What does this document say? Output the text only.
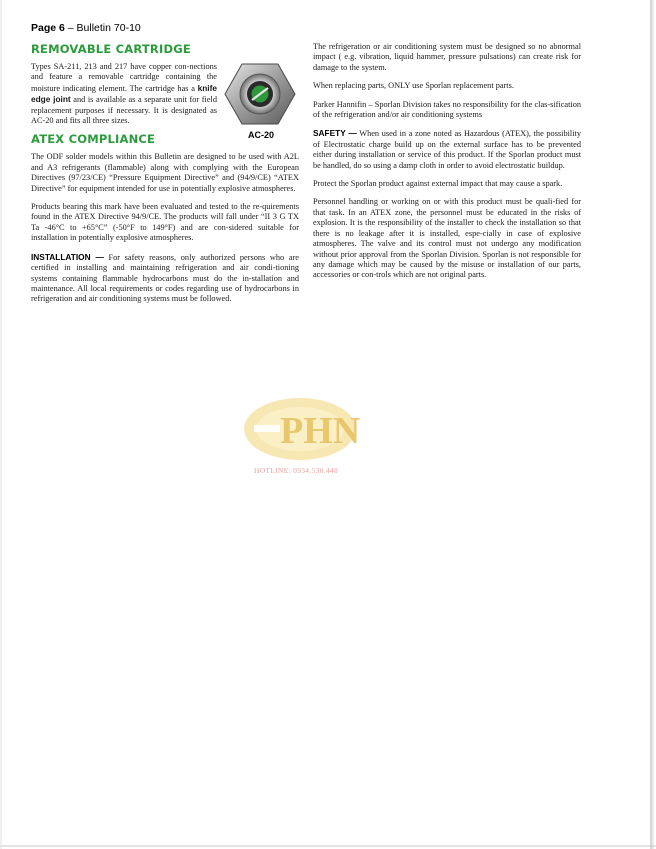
Page 6 – Bulletin 70-10
REMOVABLE CARTRIDGE

Types SA-211, 213 and 217 have copper con-nections and feature a removable cartridge containing the moisture indicating element. The cartridge has a knife edge joint and is available as a separate unit for field replacement purposes if necessary. It is designated as AC-20 and fits all three sizes.

AC-20
ATEX COMPLIANCE

The ODF solder models within this Bulletin are designed to be used with A2L and A3 refrigerants (flammable) along with complying with the European Directives (97/23/CE) “Pressure Equipment Directive” and (94/9/CE) “ATEX Directive” for equipment intended for use in potentially explosive atmospheres.

Products bearing this mark have been evaluated and tested to the re-quirements found in the ATEX Directive 94/9/CE. The products will fall under “II 3 G TX Ta -46°C to +65°C” (-50°F to 149°F) and are con-sidered suitable for installation in potentially explosive atmospheres.

INSTALLATION — For safety reasons, only authorized persons who are certified in installing and maintaining refrigeration and air condi-tioning systems containing flammable hydrocarbons must do the in-stallation and maintenance. All local requirements or codes regarding use of hydrocarbons in refrigeration and air conditioning systems must be followed.

The refrigeration or air conditioning system must be designed so no abnormal impact ( e.g. vibration, liquid hammer, pressure pulsations) can create risk for damage to the system.

When replacing parts, ONLY use Sporlan replacement parts.

Parker Hannifin – Sporlan Division takes no responsibility for the clas-sification of the refrigeration and/or air conditioning systems

SAFETY — When used in a zone noted as Hazardous (ATEX), the possibility of Electrostatic charge build up on the external surface has to be prevented either during installation or service of this product. If the Sporlan product must be handled, do so using a damp cloth in order to avoid electrostatic buildup.

Protect the Sporlan product against external impact that may cause a spark.

Personnel handling or working on or with this product must be quali-fied for that task. In an ATEX zone, the personnel must be educated in the risks of explosion. It is the responsibility of the installer to check the installation so that there is no leakage after it is installed, espe-cially in case of explosive atmospheres. The valve and its control must not undergo any modification without prior approval from the Sporlan Division. Sporlan is not responsible for any damage which may be caused by the misuse or installation of our parts, accessories or con-trols which are not original parts.

PHN
HOTLINE: 0934.530.448
